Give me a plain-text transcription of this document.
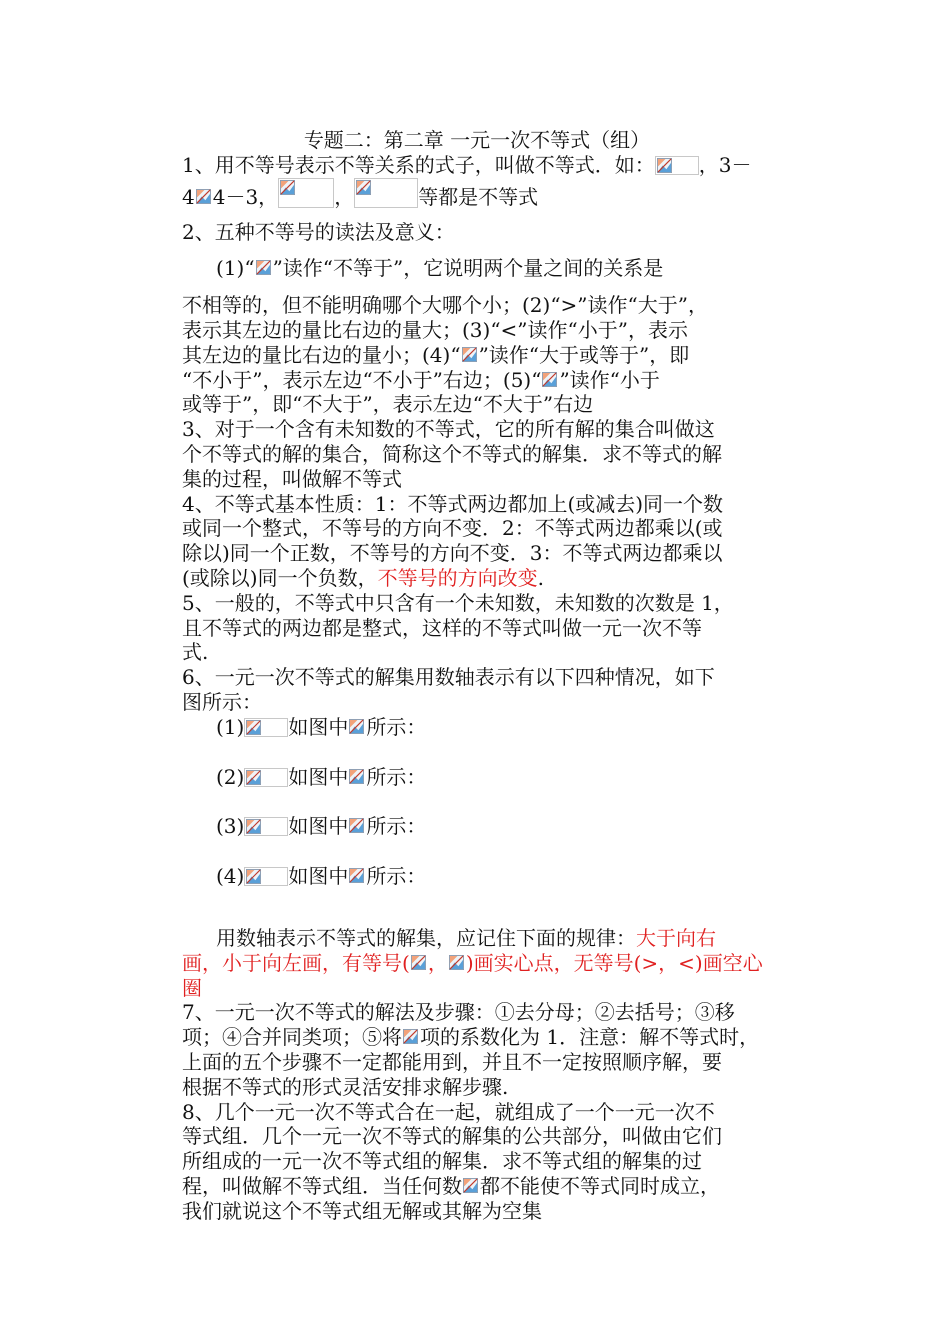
专题二：第二章 一元一次不等式（组）
1、用不等号表示不等关系的式子，叫做不等式．如： ，3－
4 4－3，	，	等都是不等式
2、五种不等号的读法及意义：
(1)“ ”读作“不等于”，它说明两个量之间的关系是
不相等的，但不能明确哪个大哪个小；(2)“>”读作“大于”，
表示其左边的量比右边的量大；(3)“<”读作“小于”，表示
其左边的量比右边的量小；(4)“ ”读作“大于或等于”，即
“不小于”，表示左边“不小于”右边；(5)“ ”读作“小于
或等于”，即“不大于”，表示左边“不大于”右边
3、对于一个含有未知数的不等式，它的所有解的集合叫做这
个不等式的解的集合，简称这个不等式的解集．求不等式的解
集的过程，叫做解不等式
4、不等式基本性质：1：不等式两边都加上(或减去)同一个数
或同一个整式，不等号的方向不变．2：不等式两边都乘以(或
除以)同一个正数，不等号的方向不变．3：不等式两边都乘以
(或除以)同一个负数，不等号的方向改变.
5、一般的，不等式中只含有一个未知数，未知数的次数是 1，
且不等式的两边都是整式，这样的不等式叫做一元一次不等
式.
6、一元一次不等式的解集用数轴表示有以下四种情况，如下
图所示：
(1) 如图中 所示：
(2) 如图中 所示：
(3) 如图中 所示：
(4) 如图中 所示：
用数轴表示不等式的解集，应记住下面的规律：大于向右
画，小于向左画，有等号( ， )画实心点，无等号(>，<)画空心
圈
7、一元一次不等式的解法及步骤：①去分母；②去括号；③移
项；④合并同类项；⑤将 项的系数化为 1．注意：解不等式时，
上面的五个步骤不一定都能用到，并且不一定按照顺序解，要
根据不等式的形式灵活安排求解步骤.
8、几个一元一次不等式合在一起，就组成了一个一元一次不
等式组．几个一元一次不等式的解集的公共部分，叫做由它们
所组成的一元一次不等式组的解集．求不等式组的解集的过
程，叫做解不等式组．当任何数 都不能使不等式同时成立，
我们就说这个不等式组无解或其解为空集
